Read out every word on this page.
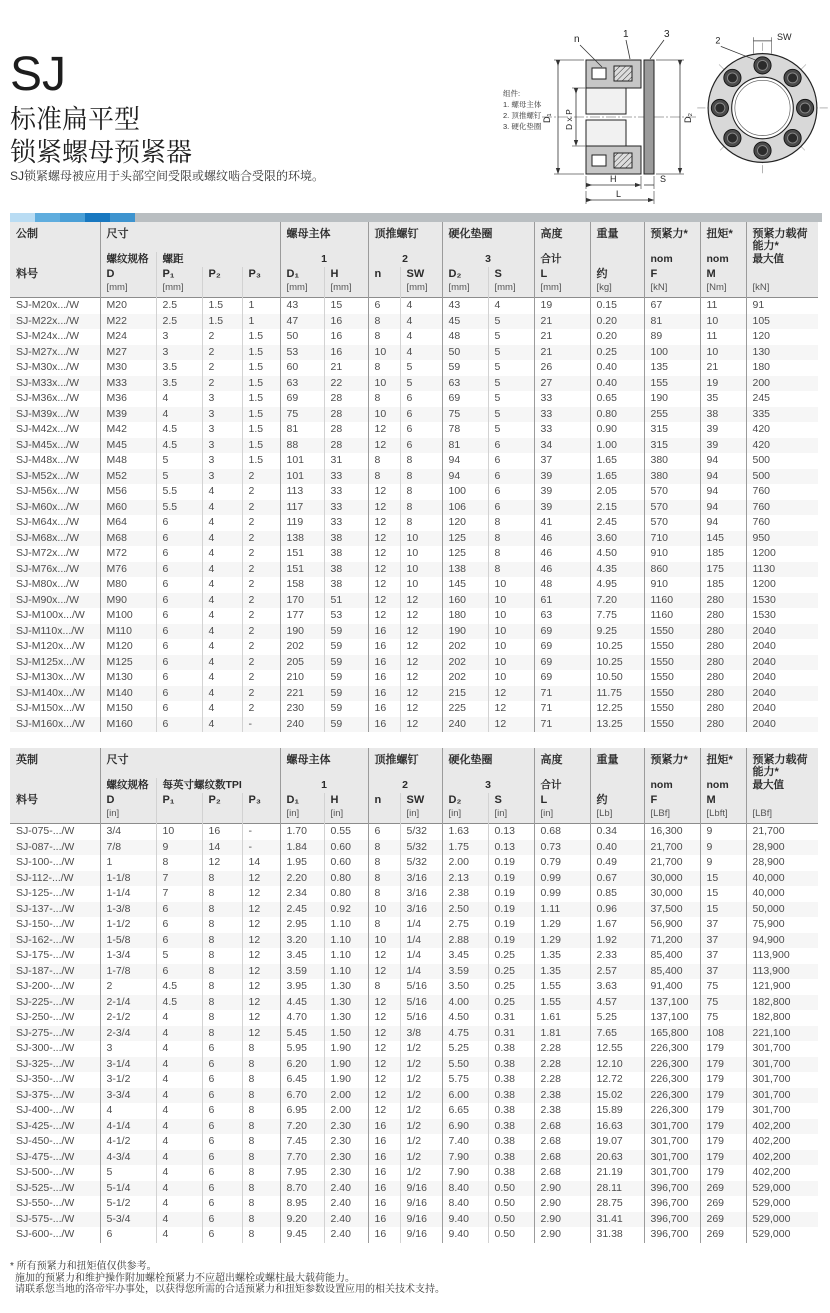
SJ
标准扁平型
锁紧螺母预紧器
SJ锁紧螺母被应用于头部空间受限或螺纹啮合受限的环境。
组件:
1. 螺母主体
2. 顶推螺钉
3. 硬化垫圈
n	1	3
D₁ D x P	D₂
H	S
L
2	SW
公制	尺寸				螺母主体		顶推螺钉		硬化垫圈		高度	重量	预紧力*	扭矩*	预紧力载荷能力*
	螺纹规格	螺距			1		2		3		合计		nom	nom	最大值
料号	D	P₁	P₂	P₃	D₁	H	n	SW	D₂	S	L	约	F	M	
	[mm]	[mm]			[mm]	[mm]		[mm]	[mm]	[mm]	[mm]	[kg]	[kN]	[Nm]	[kN]
SJ-M20x.../W	M20	2.5	1.5	1	43	15	6	4	43	4	19	0.15	67	11	91
SJ-M22x.../W	M22	2.5	1.5	1	47	16	8	4	45	5	21	0.20	81	10	105
SJ-M24x.../W	M24	3	2	1.5	50	16	8	4	48	5	21	0.20	89	11	120
SJ-M27x.../W	M27	3	2	1.5	53	16	10	4	50	5	21	0.25	100	10	130
SJ-M30x.../W	M30	3.5	2	1.5	60	21	8	5	59	5	26	0.40	135	21	180
SJ-M33x.../W	M33	3.5	2	1.5	63	22	10	5	63	5	27	0.40	155	19	200
SJ-M36x.../W	M36	4	3	1.5	69	28	8	6	69	5	33	0.65	190	35	245
SJ-M39x.../W	M39	4	3	1.5	75	28	10	6	75	5	33	0.80	255	38	335
SJ-M42x.../W	M42	4.5	3	1.5	81	28	12	6	78	5	33	0.90	315	39	420
SJ-M45x.../W	M45	4.5	3	1.5	88	28	12	6	81	6	34	1.00	315	39	420
SJ-M48x.../W	M48	5	3	1.5	101	31	8	8	94	6	37	1.65	380	94	500
SJ-M52x.../W	M52	5	3	2	101	33	8	8	94	6	39	1.65	380	94	500
SJ-M56x.../W	M56	5.5	4	2	113	33	12	8	100	6	39	2.05	570	94	760
SJ-M60x.../W	M60	5.5	4	2	117	33	12	8	106	6	39	2.15	570	94	760
SJ-M64x.../W	M64	6	4	2	119	33	12	8	120	8	41	2.45	570	94	760
SJ-M68x.../W	M68	6	4	2	138	38	12	10	125	8	46	3.60	710	145	950
SJ-M72x.../W	M72	6	4	2	151	38	12	10	125	8	46	4.50	910	185	1200
SJ-M76x.../W	M76	6	4	2	151	38	12	10	138	8	46	4.35	860	175	1130
SJ-M80x.../W	M80	6	4	2	158	38	12	10	145	10	48	4.95	910	185	1200
SJ-M90x.../W	M90	6	4	2	170	51	12	12	160	10	61	7.20	1160	280	1530
SJ-M100x.../W	M100	6	4	2	177	53	12	12	180	10	63	7.75	1160	280	1530
SJ-M110x.../W	M110	6	4	2	190	59	16	12	190	10	69	9.25	1550	280	2040
SJ-M120x.../W	M120	6	4	2	202	59	16	12	202	10	69	10.25	1550	280	2040
SJ-M125x.../W	M125	6	4	2	205	59	16	12	202	10	69	10.25	1550	280	2040
SJ-M130x.../W	M130	6	4	2	210	59	16	12	202	10	69	10.50	1550	280	2040
SJ-M140x.../W	M140	6	4	2	221	59	16	12	215	12	71	11.75	1550	280	2040
SJ-M150x.../W	M150	6	4	2	230	59	16	12	225	12	71	12.25	1550	280	2040
SJ-M160x.../W	M160	6	4	-	240	59	16	12	240	12	71	13.25	1550	280	2040
英制	尺寸				螺母主体		顶推螺钉		硬化垫圈		高度	重量	预紧力*	扭矩*	预紧力载荷能力*
	螺纹规格	每英寸螺纹数TPI			1		2		3		合计		nom	nom	最大值
料号	D	P₁	P₂	P₃	D₁	H	n	SW	D₂	S	L	约	F	M	
	[in]				[in]	[in]		[in]	[in]	[in]	[in]	[Lb]	[LBf]	[Lbft]	[LBf]
SJ-075-.../W	3/4	10	16	-	1.70	0.55	6	5/32	1.63	0.13	0.68	0.34	16,300	9	21,700
SJ-087-.../W	7/8	9	14	-	1.84	0.60	8	5/32	1.75	0.13	0.73	0.40	21,700	9	28,900
SJ-100-.../W	1	8	12	14	1.95	0.60	8	5/32	2.00	0.19	0.79	0.49	21,700	9	28,900
SJ-112-.../W	1-1/8	7	8	12	2.20	0.80	8	3/16	2.13	0.19	0.99	0.67	30,000	15	40,000
SJ-125-.../W	1-1/4	7	8	12	2.34	0.80	8	3/16	2.38	0.19	0.99	0.85	30,000	15	40,000
SJ-137-.../W	1-3/8	6	8	12	2.45	0.92	10	3/16	2.50	0.19	1.11	0.96	37,500	15	50,000
SJ-150-.../W	1-1/2	6	8	12	2.95	1.10	8	1/4	2.75	0.19	1.29	1.67	56,900	37	75,900
SJ-162-.../W	1-5/8	6	8	12	3.20	1.10	10	1/4	2.88	0.19	1.29	1.92	71,200	37	94,900
SJ-175-.../W	1-3/4	5	8	12	3.45	1.10	12	1/4	3.45	0.25	1.35	2.33	85,400	37	113,900
SJ-187-.../W	1-7/8	6	8	12	3.59	1.10	12	1/4	3.59	0.25	1.35	2.57	85,400	37	113,900
SJ-200-.../W	2	4.5	8	12	3.95	1.30	8	5/16	3.50	0.25	1.55	3.63	91,400	75	121,900
SJ-225-.../W	2-1/4	4.5	8	12	4.45	1.30	12	5/16	4.00	0.25	1.55	4.57	137,100	75	182,800
SJ-250-.../W	2-1/2	4	8	12	4.70	1.30	12	5/16	4.50	0.31	1.61	5.25	137,100	75	182,800
SJ-275-.../W	2-3/4	4	8	12	5.45	1.50	12	3/8	4.75	0.31	1.81	7.65	165,800	108	221,100
SJ-300-.../W	3	4	6	8	5.95	1.90	12	1/2	5.25	0.38	2.28	12.55	226,300	179	301,700
SJ-325-.../W	3-1/4	4	6	8	6.20	1.90	12	1/2	5.50	0.38	2.28	12.10	226,300	179	301,700
SJ-350-.../W	3-1/2	4	6	8	6.45	1.90	12	1/2	5.75	0.38	2.28	12.72	226,300	179	301,700
SJ-375-.../W	3-3/4	4	6	8	6.70	2.00	12	1/2	6.00	0.38	2.38	15.02	226,300	179	301,700
SJ-400-.../W	4	4	6	8	6.95	2.00	12	1/2	6.65	0.38	2.38	15.89	226,300	179	301,700
SJ-425-.../W	4-1/4	4	6	8	7.20	2.30	16	1/2	6.90	0.38	2.68	16.63	301,700	179	402,200
SJ-450-.../W	4-1/2	4	6	8	7.45	2.30	16	1/2	7.40	0.38	2.68	19.07	301,700	179	402,200
SJ-475-.../W	4-3/4	4	6	8	7.70	2.30	16	1/2	7.90	0.38	2.68	20.63	301,700	179	402,200
SJ-500-.../W	5	4	6	8	7.95	2.30	16	1/2	7.90	0.38	2.68	21.19	301,700	179	402,200
SJ-525-.../W	5-1/4	4	6	8	8.70	2.40	16	9/16	8.40	0.50	2.90	28.11	396,700	269	529,000
SJ-550-.../W	5-1/2	4	6	8	8.95	2.40	16	9/16	8.40	0.50	2.90	28.75	396,700	269	529,000
SJ-575-.../W	5-3/4	4	6	8	9.20	2.40	16	9/16	9.40	0.50	2.90	31.41	396,700	269	529,000
SJ-600-.../W	6	4	6	8	9.45	2.40	16	9/16	9.40	0.50	2.90	31.38	396,700	269	529,000
* 所有预紧力和扭矩值仅供参考。
施加的预紧力和维护操作附加螺栓预紧力不应超出螺栓或螺柱最大载荷能力。
请联系您当地的洛帝牢办事处，以获得您所需的合适预紧力和扭矩参数设置应用的相关技术支持。
